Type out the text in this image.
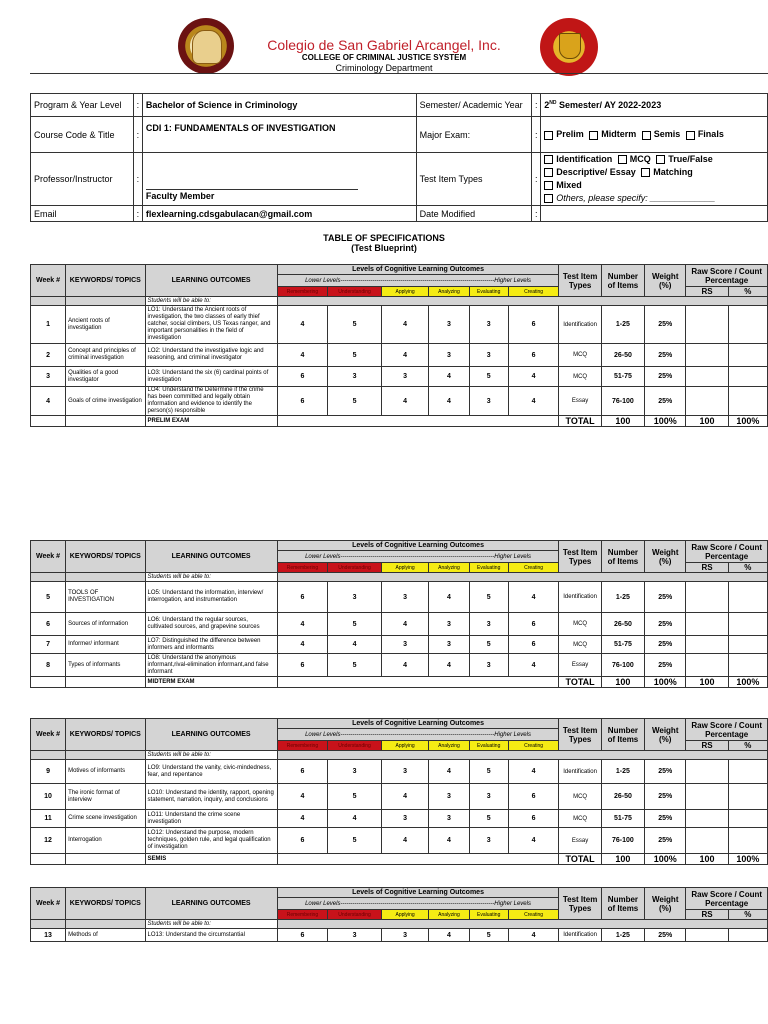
Colegio de San Gabriel Arcangel, Inc.
COLLEGE OF CRIMINAL JUSTICE SYSTEM
Criminology Department
Program & Year Level	:	Bachelor of Science in Criminology	Semester/ Academic Year	:	2ND Semester/ AY 2022-2023
Course Code & Title	:	CDI 1: FUNDAMENTALS OF INVESTIGATION	Major Exam:	:	Prelim Midterm Semis Finals
Professor/Instructor	:	Faculty Member	Test Item Types	:	Identification MCQ True/False
Descriptive/ Essay Matching
Mixed
Others, please specify: _____________
Email	:	flexlearning.cdsgabulacan@gmail.com	Date Modified	:	
TABLE OF SPECIFICATIONS
(Test Blueprint)
Week #	KEYWORDS/ TOPICS	LEARNING OUTCOMES	Levels of Cognitive Learning Outcomes						Test Item Types	Number of Items	Weight (%)	Raw Score / Count Percentage	
			Lower Levels-----------------------------------------------------------------------------Higher Levels										
			Remembering	Understanding	Applying	Analyzing	Evaluating	Creating				RS	%
		Students will be able to:											
1	Ancient roots of investigation	LO1: Understand the Ancient roots of investigation, the two classes of early thief catcher, social climbers, US Texas ranger, and important personalities in the field of investigation	4	5	4	3	3	6	Identification	1-25	25%		
2	Concept and principles of criminal investigation	LO2: Understand the investigative logic and reasoning, and criminal investigator	4	5	4	3	3	6	MCQ	26-50	25%		
3	Qualities of a good investigator	LO3: Understand the six (6) cardinal points of investigation	6	3	3	4	5	4	MCQ	51-75	25%		
4	Goals of crime investigation	LO4: Understand the Determine if the crime has been committed and legally obtain information and evidence to identify the person(s) responsible	6	5	4	4	3	4	Essay	76-100	25%		
		PRELIM EXAM							TOTAL	100	100%	100	100%
Week #	KEYWORDS/ TOPICS	LEARNING OUTCOMES	Levels of Cognitive Learning Outcomes						Test Item Types	Number of Items	Weight (%)	Raw Score / Count Percentage	
			Lower Levels-----------------------------------------------------------------------------Higher Levels										
			Remembering	Understanding	Applying	Analyzing	Evaluating	Creating				RS	%
		Students will be able to:											
5	TOOLS OF INVESTIGATION	LO5: Understand the information, interview/ interrogation, and instrumentation	6	3	3	4	5	4	Identification	1-25	25%		
6	Sources of information	LO6: Understand the regular sources, cultivated sources, and grapevine sources	4	5	4	3	3	6	MCQ	26-50	25%		
7	Informer/ informant	LO7: Distinguished the difference between informers and informants	4	4	3	3	5	6	MCQ	51-75	25%		
8	Types of informants	LO8: Understand the anonymous informant,rival-elimination informant,and false informant	6	5	4	4	3	4	Essay	76-100	25%		
		MIDTERM EXAM							TOTAL	100	100%	100	100%
Week #	KEYWORDS/ TOPICS	LEARNING OUTCOMES	Levels of Cognitive Learning Outcomes						Test Item Types	Number of Items	Weight (%)	Raw Score / Count Percentage	
			Lower Levels-----------------------------------------------------------------------------Higher Levels										
			Remembering	Understanding	Applying	Analyzing	Evaluating	Creating				RS	%
		Students will be able to:											
9	Motives of informants	LO9: Understand the vanity, civic-mindedness, fear, and repentance	6	3	3	4	5	4	Identification	1-25	25%		
10	The ironic format of interview	LO10: Understand the identity, rapport, opening statement, narration, inquiry, and conclusions	4	5	4	3	3	6	MCQ	26-50	25%		
11	Crime scene investigation	LO11: Understand the crime scene investigation	4	4	3	3	5	6	MCQ	51-75	25%		
12	Interrogation	LO12: Understand the purpose, modern techniques, golden rule, and legal qualification of investigation	6	5	4	4	3	4	Essay	76-100	25%		
		SEMIS							TOTAL	100	100%	100	100%
Week #	KEYWORDS/ TOPICS	LEARNING OUTCOMES	Levels of Cognitive Learning Outcomes						Test Item Types	Number of Items	Weight (%)	Raw Score / Count Percentage	
			Lower Levels-----------------------------------------------------------------------------Higher Levels										
			Remembering	Understanding	Applying	Analyzing	Evaluating	Creating				RS	%
		Students will be able to:											
13	Methods of	LO13: Understand the circumstantial	6	3	3	4	5	4	Identification	1-25	25%		
